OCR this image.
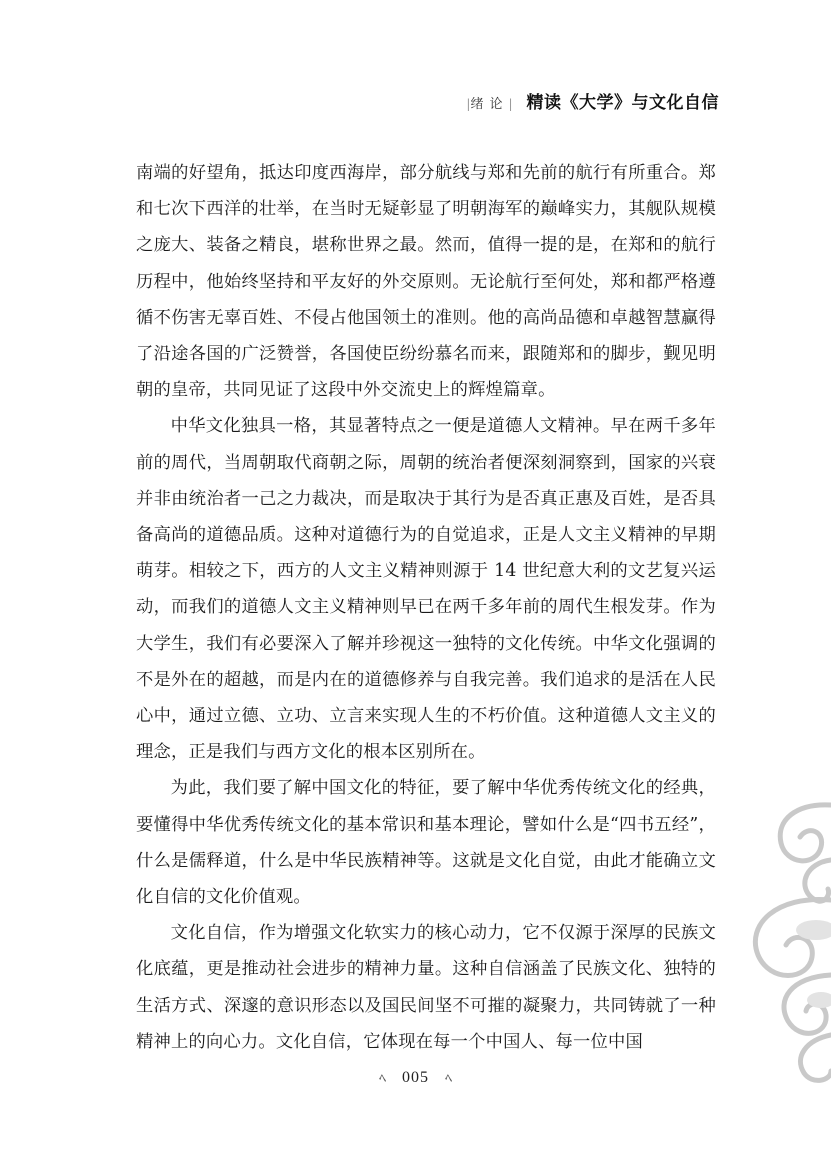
|绪论| 精读《大学》与文化自信

南端的好望角，抵达印度西海岸，部分航线与郑和先前的航行有所重合。郑和七次下西洋的壮举，在当时无疑彰显了明朝海军的巅峰实力，其舰队规模之庞大、装备之精良，堪称世界之最。然而，值得一提的是，在郑和的航行历程中，他始终坚持和平友好的外交原则。无论航行至何处，郑和都严格遵循不伤害无辜百姓、不侵占他国领土的准则。他的高尚品德和卓越智慧赢得了沿途各国的广泛赞誉，各国使臣纷纷慕名而来，跟随郑和的脚步，觐见明朝的皇帝，共同见证了这段中外交流史上的辉煌篇章。

中华文化独具一格，其显著特点之一便是道德人文精神。早在两千多年前的周代，当周朝取代商朝之际，周朝的统治者便深刻洞察到，国家的兴衰并非由统治者一己之力裁决，而是取决于其行为是否真正惠及百姓，是否具备高尚的道德品质。这种对道德行为的自觉追求，正是人文主义精神的早期萌芽。相较之下，西方的人文主义精神则源于 14 世纪意大利的文艺复兴运动，而我们的道德人文主义精神则早已在两千多年前的周代生根发芽。作为大学生，我们有必要深入了解并珍视这一独特的文化传统。中华文化强调的不是外在的超越，而是内在的道德修养与自我完善。我们追求的是活在人民心中，通过立德、立功、立言来实现人生的不朽价值。这种道德人文主义的理念，正是我们与西方文化的根本区别所在。

为此，我们要了解中国文化的特征，要了解中华优秀传统文化的经典，要懂得中华优秀传统文化的基本常识和基本理论，譬如什么是“四书五经”，什么是儒释道，什么是中华民族精神等。这就是文化自觉，由此才能确立文化自信的文化价值观。

文化自信，作为增强文化软实力的核心动力，它不仅源于深厚的民族文化底蕴，更是推动社会进步的精神力量。这种自信涵盖了民族文化、独特的生活方式、深邃的意识形态以及国民间坚不可摧的凝聚力，共同铸就了一种精神上的向心力。文化自信，它体现在每一个中国人、每一位中国

ﾍ 005 ﾍ
